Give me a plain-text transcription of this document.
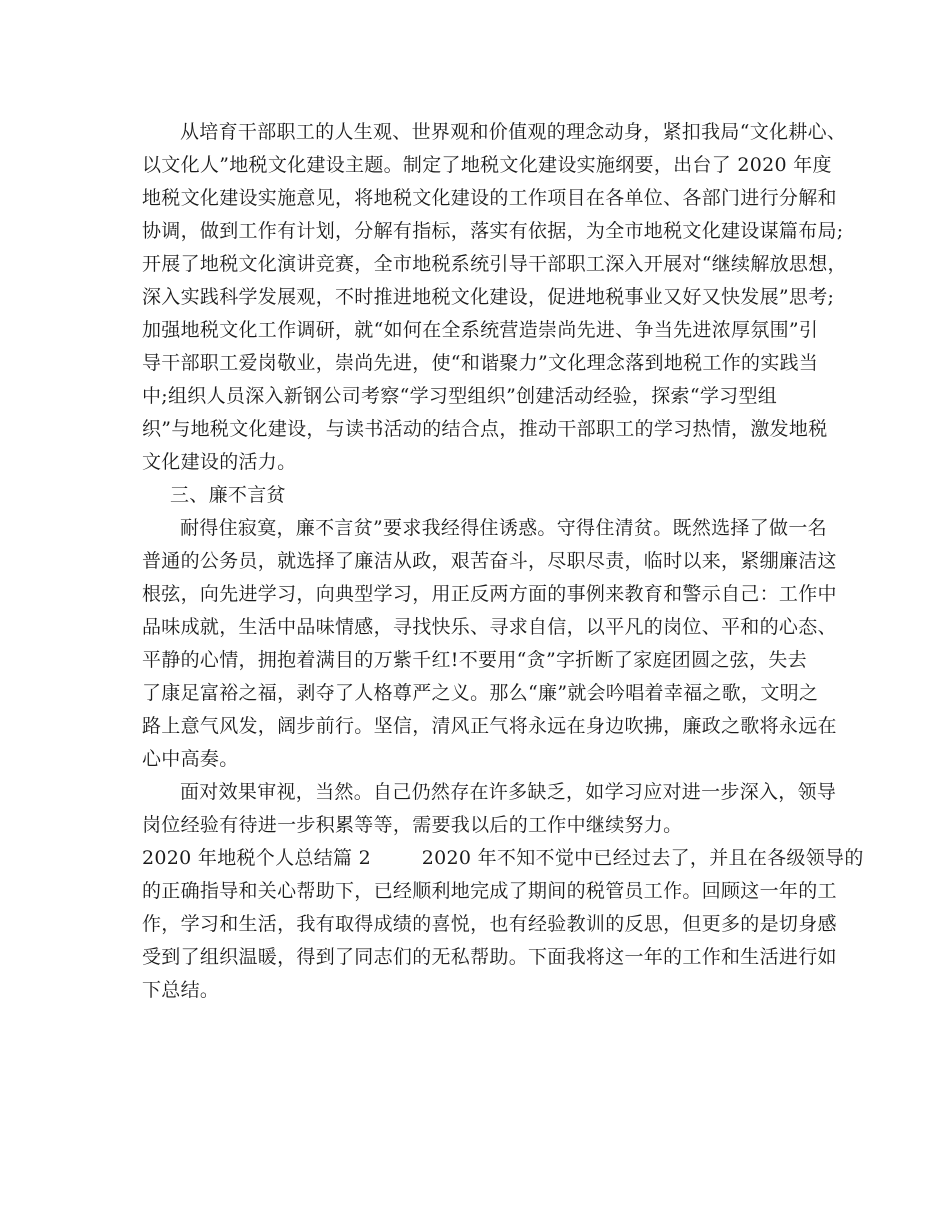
从培育干部职工的人生观、世界观和价值观的理念动身，紧扣我局“文化耕心、
以文化人”地税文化建设主题。制定了地税文化建设实施纲要，出台了 2020 年度
地税文化建设实施意见，将地税文化建设的工作项目在各单位、各部门进行分解和
协调，做到工作有计划，分解有指标，落实有依据，为全市地税文化建设谋篇布局;
开展了地税文化演讲竞赛，全市地税系统引导干部职工深入开展对“继续解放思想，
深入实践科学发展观，不时推进地税文化建设，促进地税事业又好又快发展”思考;
加强地税文化工作调研，就“如何在全系统营造崇尚先进、争当先进浓厚氛围”引
导干部职工爱岗敬业，崇尚先进，使“和谐聚力”文化理念落到地税工作的实践当
中;组织人员深入新钢公司考察“学习型组织”创建活动经验，探索“学习型组
织”与地税文化建设，与读书活动的结合点，推动干部职工的学习热情，激发地税
文化建设的活力。
三、廉不言贫
耐得住寂寞，廉不言贫”要求我经得住诱惑。守得住清贫。既然选择了做一名
普通的公务员，就选择了廉洁从政，艰苦奋斗，尽职尽责，临时以来，紧绷廉洁这
根弦，向先进学习，向典型学习，用正反两方面的事例来教育和警示自己：工作中
品味成就，生活中品味情感，寻找快乐、寻求自信，以平凡的岗位、平和的心态、
平静的心情，拥抱着满目的万紫千红!不要用“贪”字折断了家庭团圆之弦，失去
了康足富裕之福，剥夺了人格尊严之义。那么“廉”就会吟唱着幸福之歌，文明之
路上意气风发，阔步前行。坚信，清风正气将永远在身边吹拂，廉政之歌将永远在
心中高奏。
面对效果审视，当然。自己仍然存在许多缺乏，如学习应对进一步深入，领导
岗位经验有待进一步积累等等，需要我以后的工作中继续努力。
2020 年地税个人总结篇 2        2020 年不知不觉中已经过去了，并且在各级领导的
的正确指导和关心帮助下，已经顺利地完成了期间的税管员工作。回顾这一年的工
作，学习和生活，我有取得成绩的喜悦，也有经验教训的反思，但更多的是切身感
受到了组织温暖，得到了同志们的无私帮助。下面我将这一年的工作和生活进行如
下总结。
